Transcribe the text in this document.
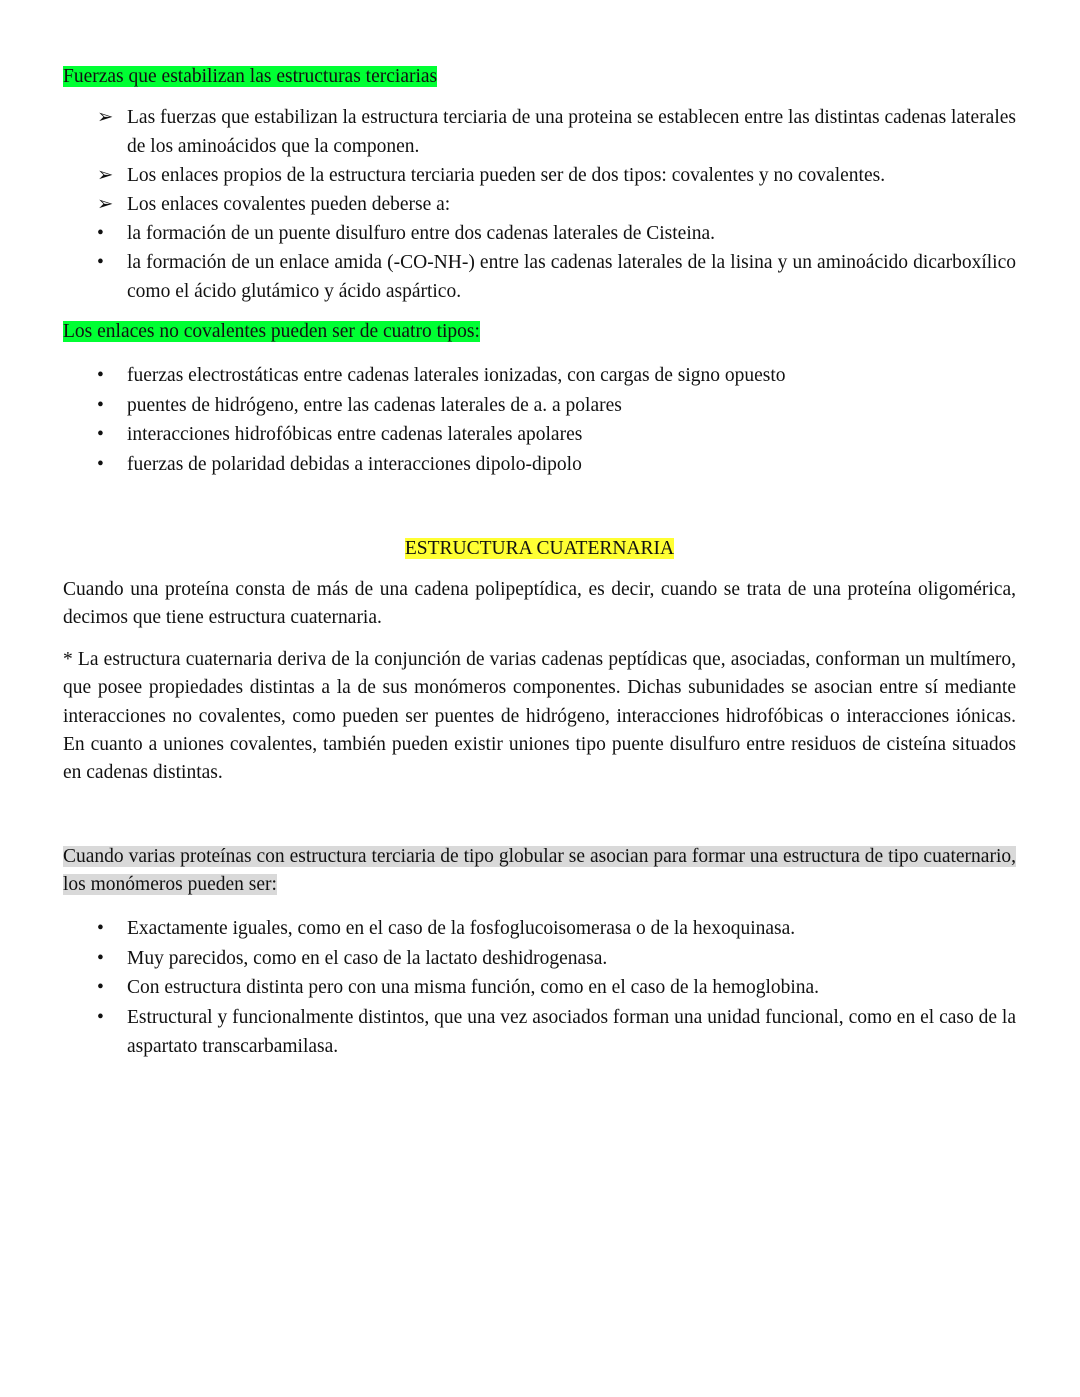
Fuerzas que estabilizan las estructuras terciarias
➢ Las fuerzas que estabilizan la estructura terciaria de una proteina se establecen entre las distintas cadenas laterales de los aminoácidos que la componen.
➢ Los enlaces propios de la estructura terciaria pueden ser de dos tipos: covalentes y no covalentes.
➢ Los enlaces covalentes pueden deberse a:
• la formación de un puente disulfuro entre dos cadenas laterales de Cisteina.
• la formación de un enlace amida (-CO-NH-) entre las cadenas laterales de la lisina y un aminoácido dicarboxílico como el ácido glutámico y ácido aspártico.
Los enlaces no covalentes pueden ser de cuatro tipos:
• fuerzas electrostáticas entre cadenas laterales ionizadas, con cargas de signo opuesto
• puentes de hidrógeno, entre las cadenas laterales de a. a polares
• interacciones hidrofóbicas entre cadenas laterales apolares
• fuerzas de polaridad debidas a interacciones dipolo-dipolo
ESTRUCTURA CUATERNARIA
Cuando una proteína consta de más de una cadena polipeptídica, es decir, cuando se trata de una proteína oligomérica, decimos que tiene estructura cuaternaria.
* La estructura cuaternaria deriva de la conjunción de varias cadenas peptídicas que, asociadas, conforman un multímero, que posee propiedades distintas a la de sus monómeros componentes. Dichas subunidades se asocian entre sí mediante interacciones no covalentes, como pueden ser puentes de hidrógeno, interacciones hidrofóbicas o interacciones iónicas. En cuanto a uniones covalentes, también pueden existir uniones tipo puente disulfuro entre residuos de cisteína situados en cadenas distintas.
Cuando varias proteínas con estructura terciaria de tipo globular se asocian para formar una estructura de tipo cuaternario, los monómeros pueden ser:
• Exactamente iguales, como en el caso de la fosfoglucoisomerasa o de la hexoquinasa.
• Muy parecidos, como en el caso de la lactato deshidrogenasa.
• Con estructura distinta pero con una misma función, como en el caso de la hemoglobina.
• Estructural y funcionalmente distintos, que una vez asociados forman una unidad funcional, como en el caso de la aspartato transcarbamilasa.
